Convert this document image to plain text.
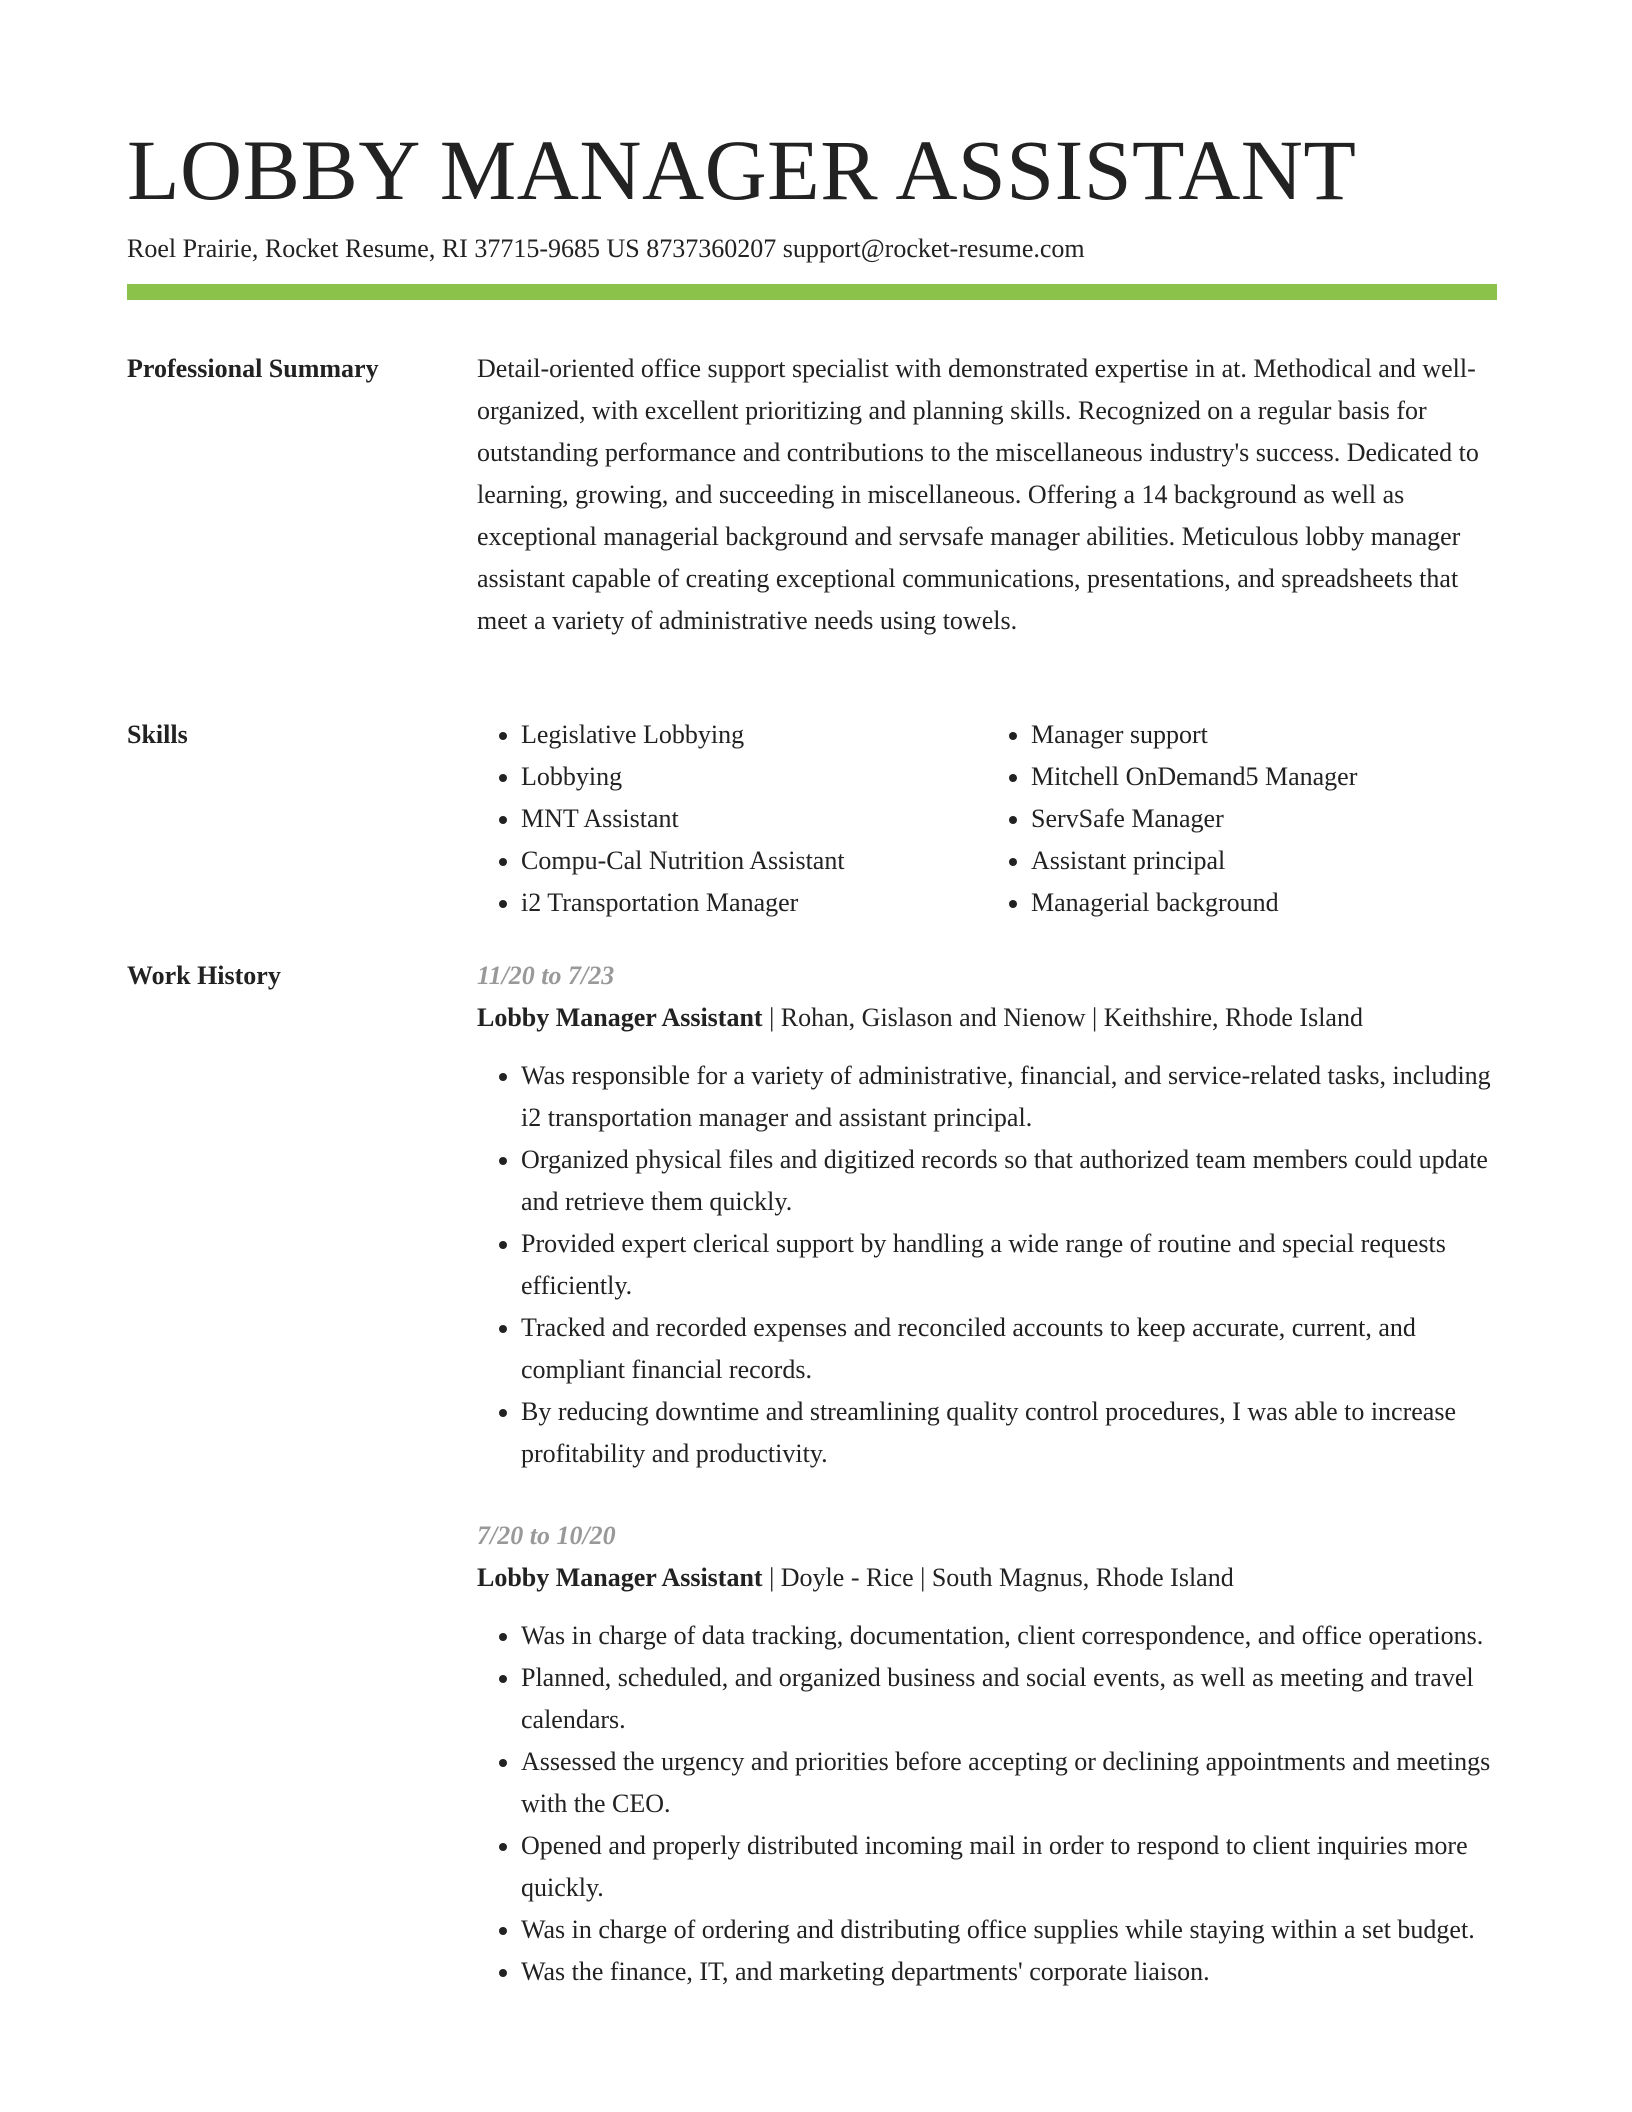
LOBBY MANAGER ASSISTANT
Roel Prairie, Rocket Resume, RI 37715-9685 US 8737360207 support@rocket-resume.com
Professional Summary	Detail-oriented office support specialist with demonstrated expertise in at. Methodical and well-organized, with excellent prioritizing and planning skills. Recognized on a regular basis for outstanding performance and contributions to the miscellaneous industry's success. Dedicated to learning, growing, and succeeding in miscellaneous. Offering a 14 background as well as exceptional managerial background and servsafe manager abilities. Meticulous lobby manager assistant capable of creating exceptional communications, presentations, and spreadsheets that meet a variety of administrative needs using towels.

Skills
•	Legislative Lobbying
• Lobbying
• MNT Assistant
• Compu-Cal Nutrition Assistant
• i2 Transportation Manager
• Manager support
• Mitchell OnDemand5 Manager
• ServSafe Manager
• Assistant principal
• Managerial background
Work History	11/20 to 7/23

Lobby Manager Assistant | Rohan, Gislason and Nienow | Keithshire, Rhode Island

• Was responsible for a variety of administrative, financial, and service-related tasks, including i2 transportation manager and assistant principal.
• Organized physical files and digitized records so that authorized team members could update and retrieve them quickly.
• Provided expert clerical support by handling a wide range of routine and special requests efficiently.
• Tracked and recorded expenses and reconciled accounts to keep accurate, current, and compliant financial records.
• By reducing downtime and streamlining quality control procedures, I was able to increase profitability and productivity.

7/20 to 10/20

Lobby Manager Assistant | Doyle - Rice | South Magnus, Rhode Island

• Was in charge of data tracking, documentation, client correspondence, and office operations.
• Planned, scheduled, and organized business and social events, as well as meeting and travel calendars.
• Assessed the urgency and priorities before accepting or declining appointments and meetings with the CEO.
• Opened and properly distributed incoming mail in order to respond to client inquiries more quickly.
• Was in charge of ordering and distributing office supplies while staying within a set budget.
• Was the finance, IT, and marketing departments' corporate liaison.
